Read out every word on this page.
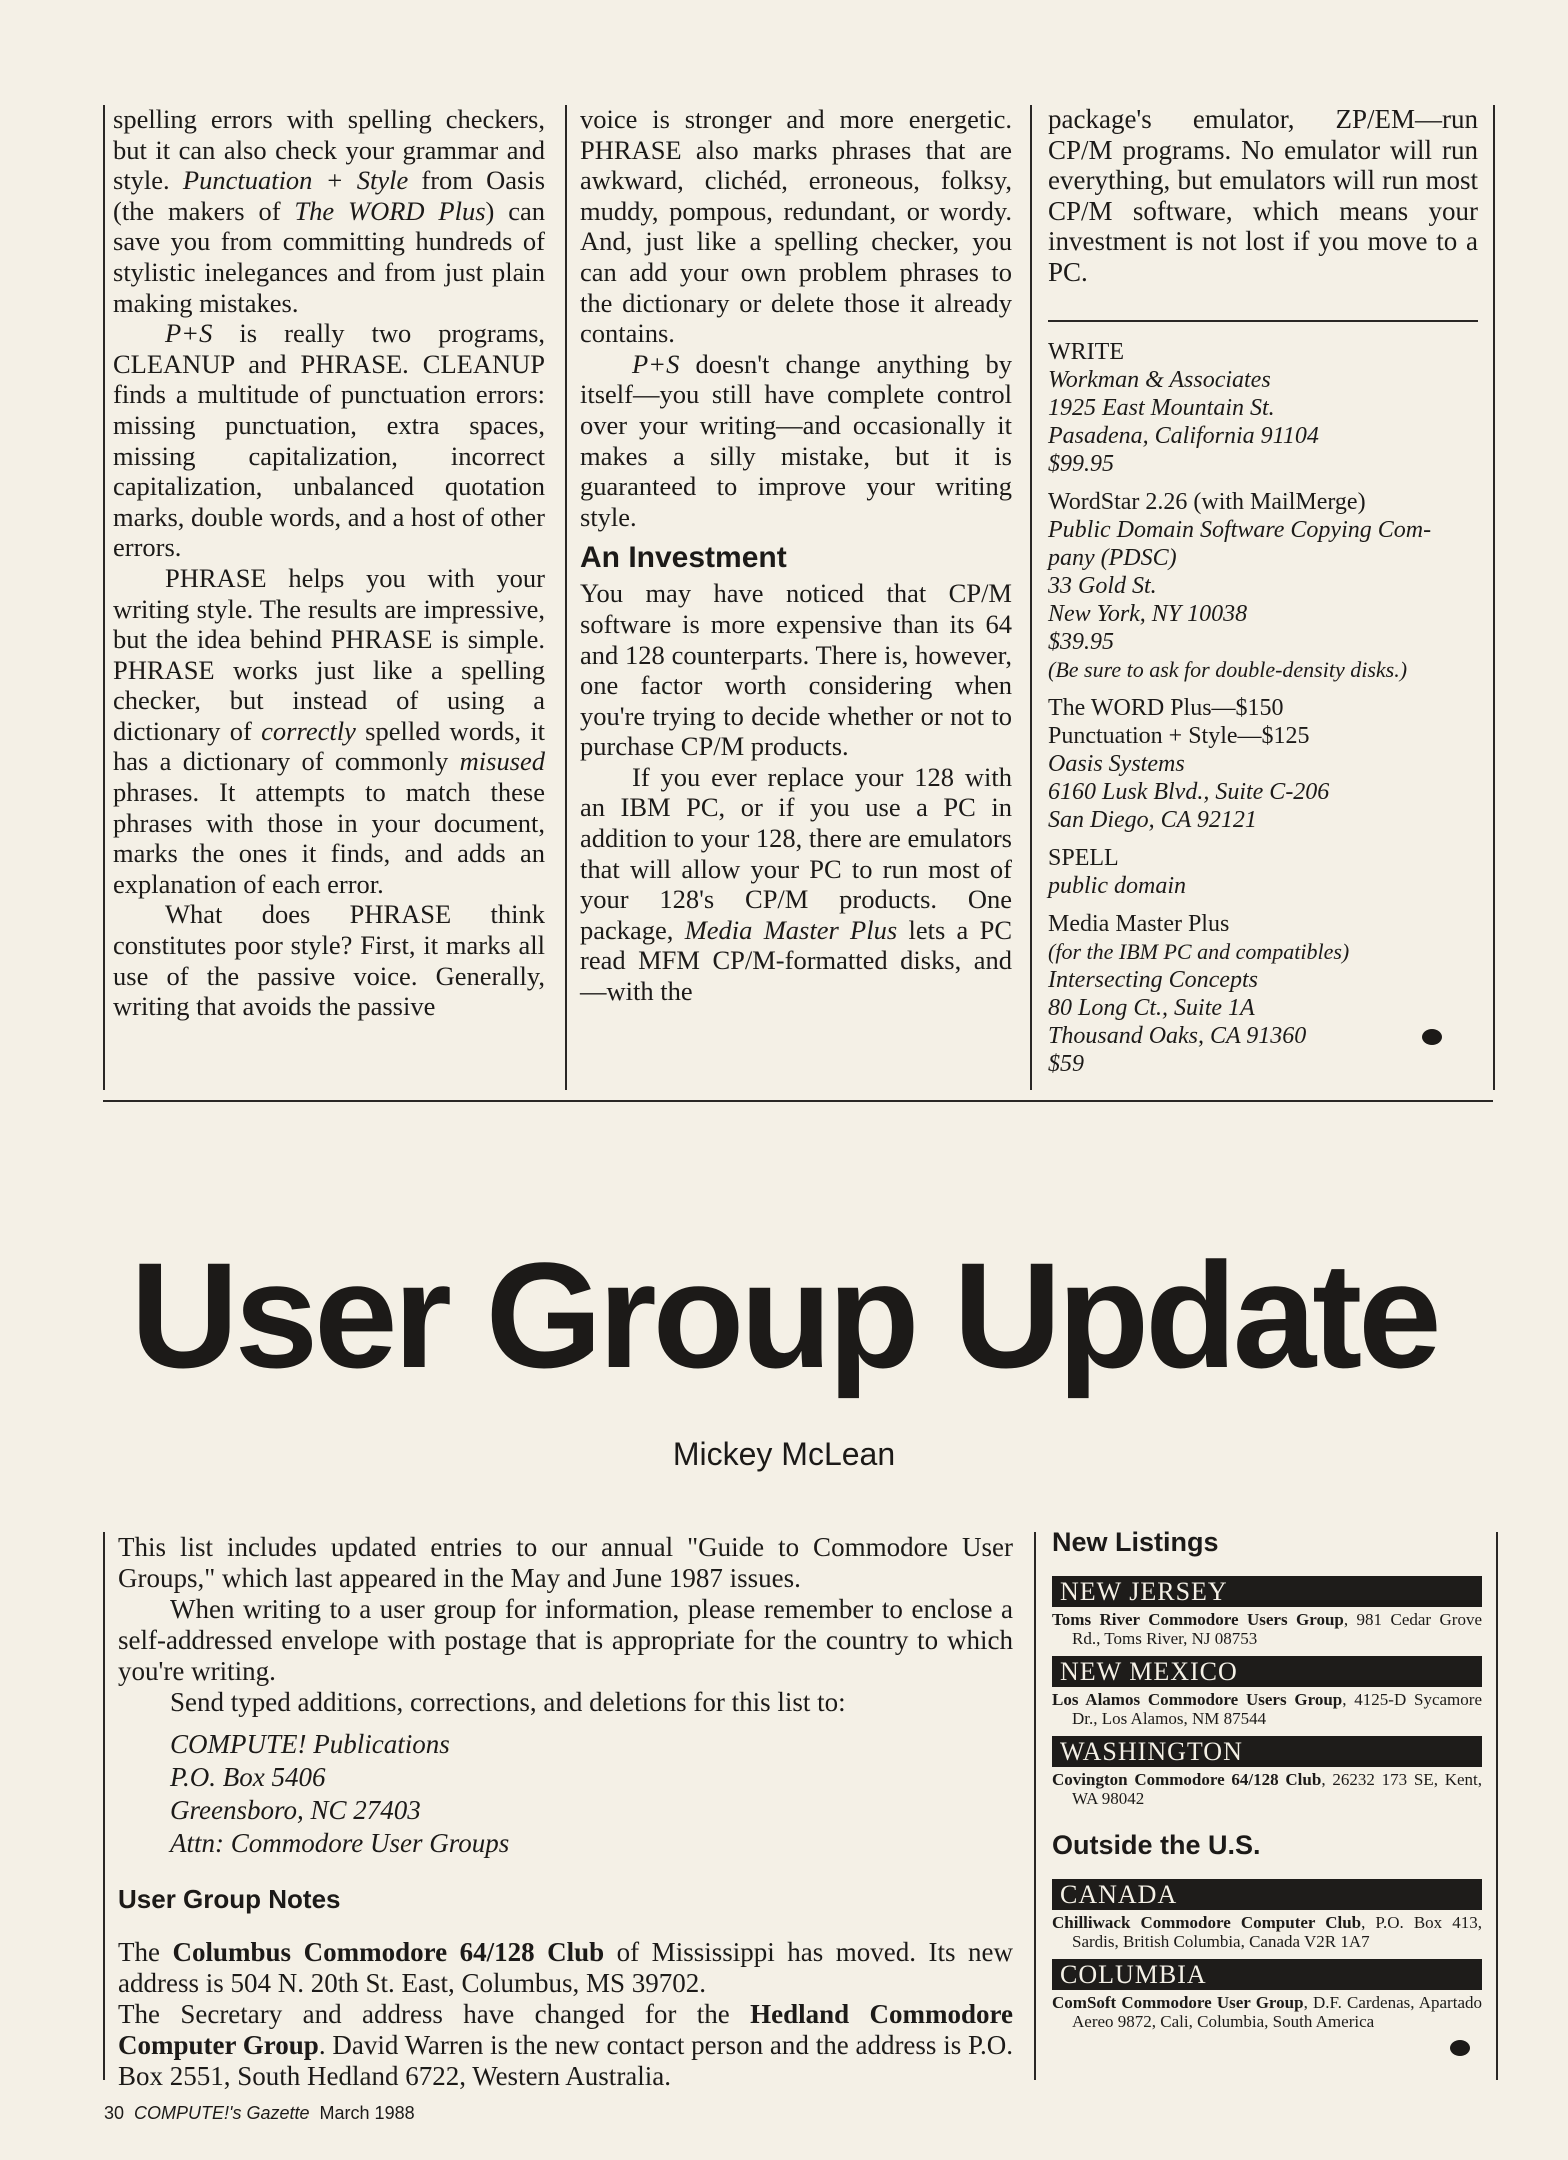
spelling errors with spelling checkers, but it can also check your grammar and style. Punctuation + Style from Oasis (the makers of The WORD Plus) can save you from committing hundreds of stylistic inelegances and from just plain making mistakes.

P+S is really two programs, CLEANUP and PHRASE. CLEANUP finds a multitude of punctuation errors: missing punctuation, extra spaces, missing capitalization, incorrect capitalization, unbalanced quotation marks, double words, and a host of other errors.

PHRASE helps you with your writing style. The results are impressive, but the idea behind PHRASE is simple. PHRASE works just like a spelling checker, but instead of using a dictionary of correctly spelled words, it has a dictionary of commonly misused phrases. It attempts to match these phrases with those in your document, marks the ones it finds, and adds an explanation of each error.

What does PHRASE think constitutes poor style? First, it marks all use of the passive voice. Generally, writing that avoids the passive

voice is stronger and more energetic. PHRASE also marks phrases that are awkward, clichéd, erroneous, folksy, muddy, pompous, redundant, or wordy. And, just like a spelling checker, you can add your own problem phrases to the dictionary or delete those it already contains.

P+S doesn't change anything by itself—you still have complete control over your writing—and occasionally it makes a silly mistake, but it is guaranteed to improve your writing style.

An Investment

You may have noticed that CP/M software is more expensive than its 64 and 128 counterparts. There is, however, one factor worth considering when you're trying to decide whether or not to purchase CP/M products.

If you ever replace your 128 with an IBM PC, or if you use a PC in addition to your 128, there are emulators that will allow your PC to run most of your 128's CP/M products. One package, Media Master Plus lets a PC read MFM CP/M-formatted disks, and—with the

package's emulator, ZP/EM—run CP/M programs. No emulator will run everything, but emulators will run most CP/M software, which means your investment is not lost if you move to a PC.

WRITE
Workman & Associates
1925 East Mountain St.
Pasadena, California 91104
$99.95
WordStar 2.26 (with MailMerge)
Public Domain Software Copying Com-
pany (PDSC)
33 Gold St.
New York, NY 10038
$39.95
(Be sure to ask for double-density disks.)
The WORD Plus—$150
Punctuation + Style—$125
Oasis Systems
6160 Lusk Blvd., Suite C-206
San Diego, CA 92121
SPELL
public domain
Media Master Plus
(for the IBM PC and compatibles)
Intersecting Concepts
80 Long Ct., Suite 1A
Thousand Oaks, CA 91360
$59
User Group Update
Mickey McLean

This list includes updated entries to our annual "Guide to Commodore User Groups," which last appeared in the May and June 1987 issues.

When writing to a user group for information, please remember to enclose a self-addressed envelope with postage that is appropriate for the country to which you're writing.

Send typed additions, corrections, and deletions for this list to:

COMPUTE! Publications
P.O. Box 5406
Greensboro, NC 27403
Attn: Commodore User Groups
User Group Notes

The Columbus Commodore 64/128 Club of Mississippi has moved. Its new address is 504 N. 20th St. East, Columbus, MS 39702.

The Secretary and address have changed for the Hedland Commodore Computer Group. David Warren is the new contact person and the address is P.O. Box 2551, South Hedland 6722, Western Australia.

New Listings
NEW JERSEY
Toms River Commodore Users Group, 981 Cedar Grove Rd., Toms River, NJ 08753
NEW MEXICO
Los Alamos Commodore Users Group, 4125-D Sycamore Dr., Los Alamos, NM 87544
WASHINGTON
Covington Commodore 64/128 Club, 26232 173 SE, Kent, WA 98042
Outside the U.S.
CANADA
Chilliwack Commodore Computer Club, P.O. Box 413, Sardis, British Columbia, Canada V2R 1A7
COLUMBIA
ComSoft Commodore User Group, D.F. Cardenas, Apartado Aereo 9872, Cali, Columbia, South America
30 COMPUTE!'s Gazette March 1988
